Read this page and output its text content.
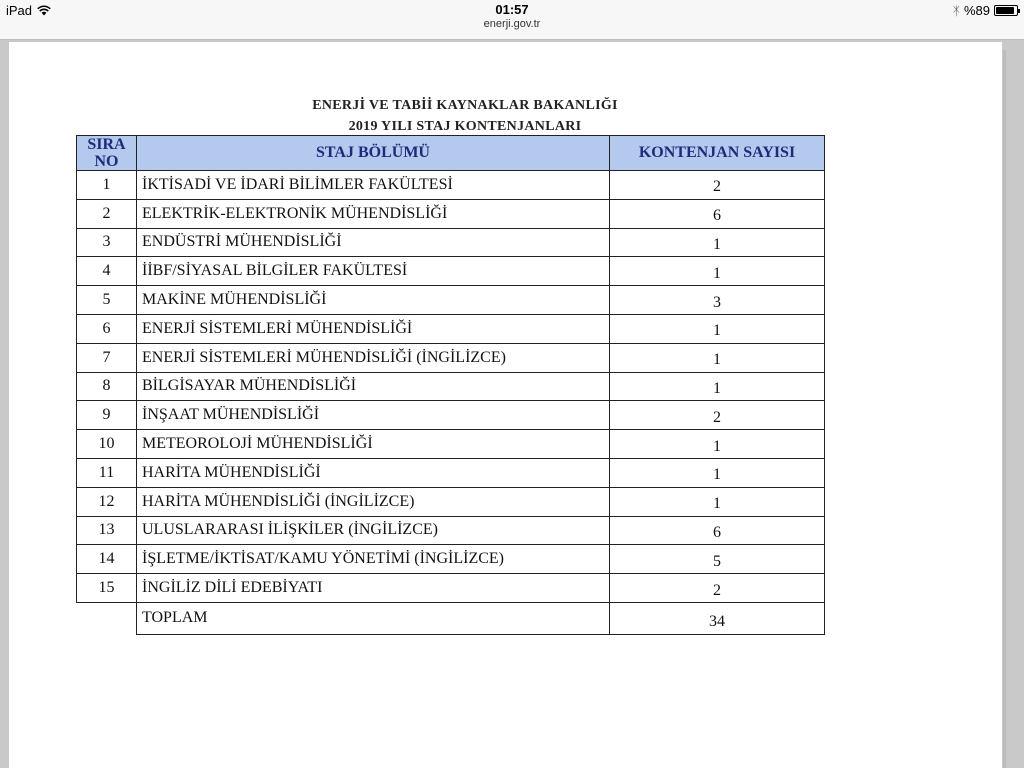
iPad	01:57
enerji.gov.tr
ᛡ %89
ENERJİ VE TABİİ KAYNAKLAR BAKANLIĞI
2019 YILI STAJ KONTENJANLARI
SIRA
NO	STAJ BÖLÜMÜ	KONTENJAN SAYISI
1	İKTİSADİ VE İDARİ BİLİMLER FAKÜLTESİ	2
2	ELEKTRİK-ELEKTRONİK MÜHENDİSLİĞİ	6
3	ENDÜSTRİ MÜHENDİSLİĞİ	1
4	İİBF/SİYASAL BİLGİLER FAKÜLTESİ	1
5	MAKİNE MÜHENDİSLİĞİ	3
6	ENERJİ SİSTEMLERİ MÜHENDİSLİĞİ	1
7	ENERJİ SİSTEMLERİ MÜHENDİSLİĞİ (İNGİLİZCE)	1
8	BİLGİSAYAR MÜHENDİSLİĞİ	1
9	İNŞAAT MÜHENDİSLİĞİ	2
10	METEOROLOJİ MÜHENDİSLİĞİ	1
11	HARİTA MÜHENDİSLİĞİ	1
12	HARİTA MÜHENDİSLİĞİ (İNGİLİZCE)	1
13	ULUSLARARASI İLİŞKİLER (İNGİLİZCE)	6
14	İŞLETME/İKTİSAT/KAMU YÖNETİMİ (İNGİLİZCE)	5
15	İNGİLİZ DİLİ EDEBİYATI	2
	TOPLAM	34
